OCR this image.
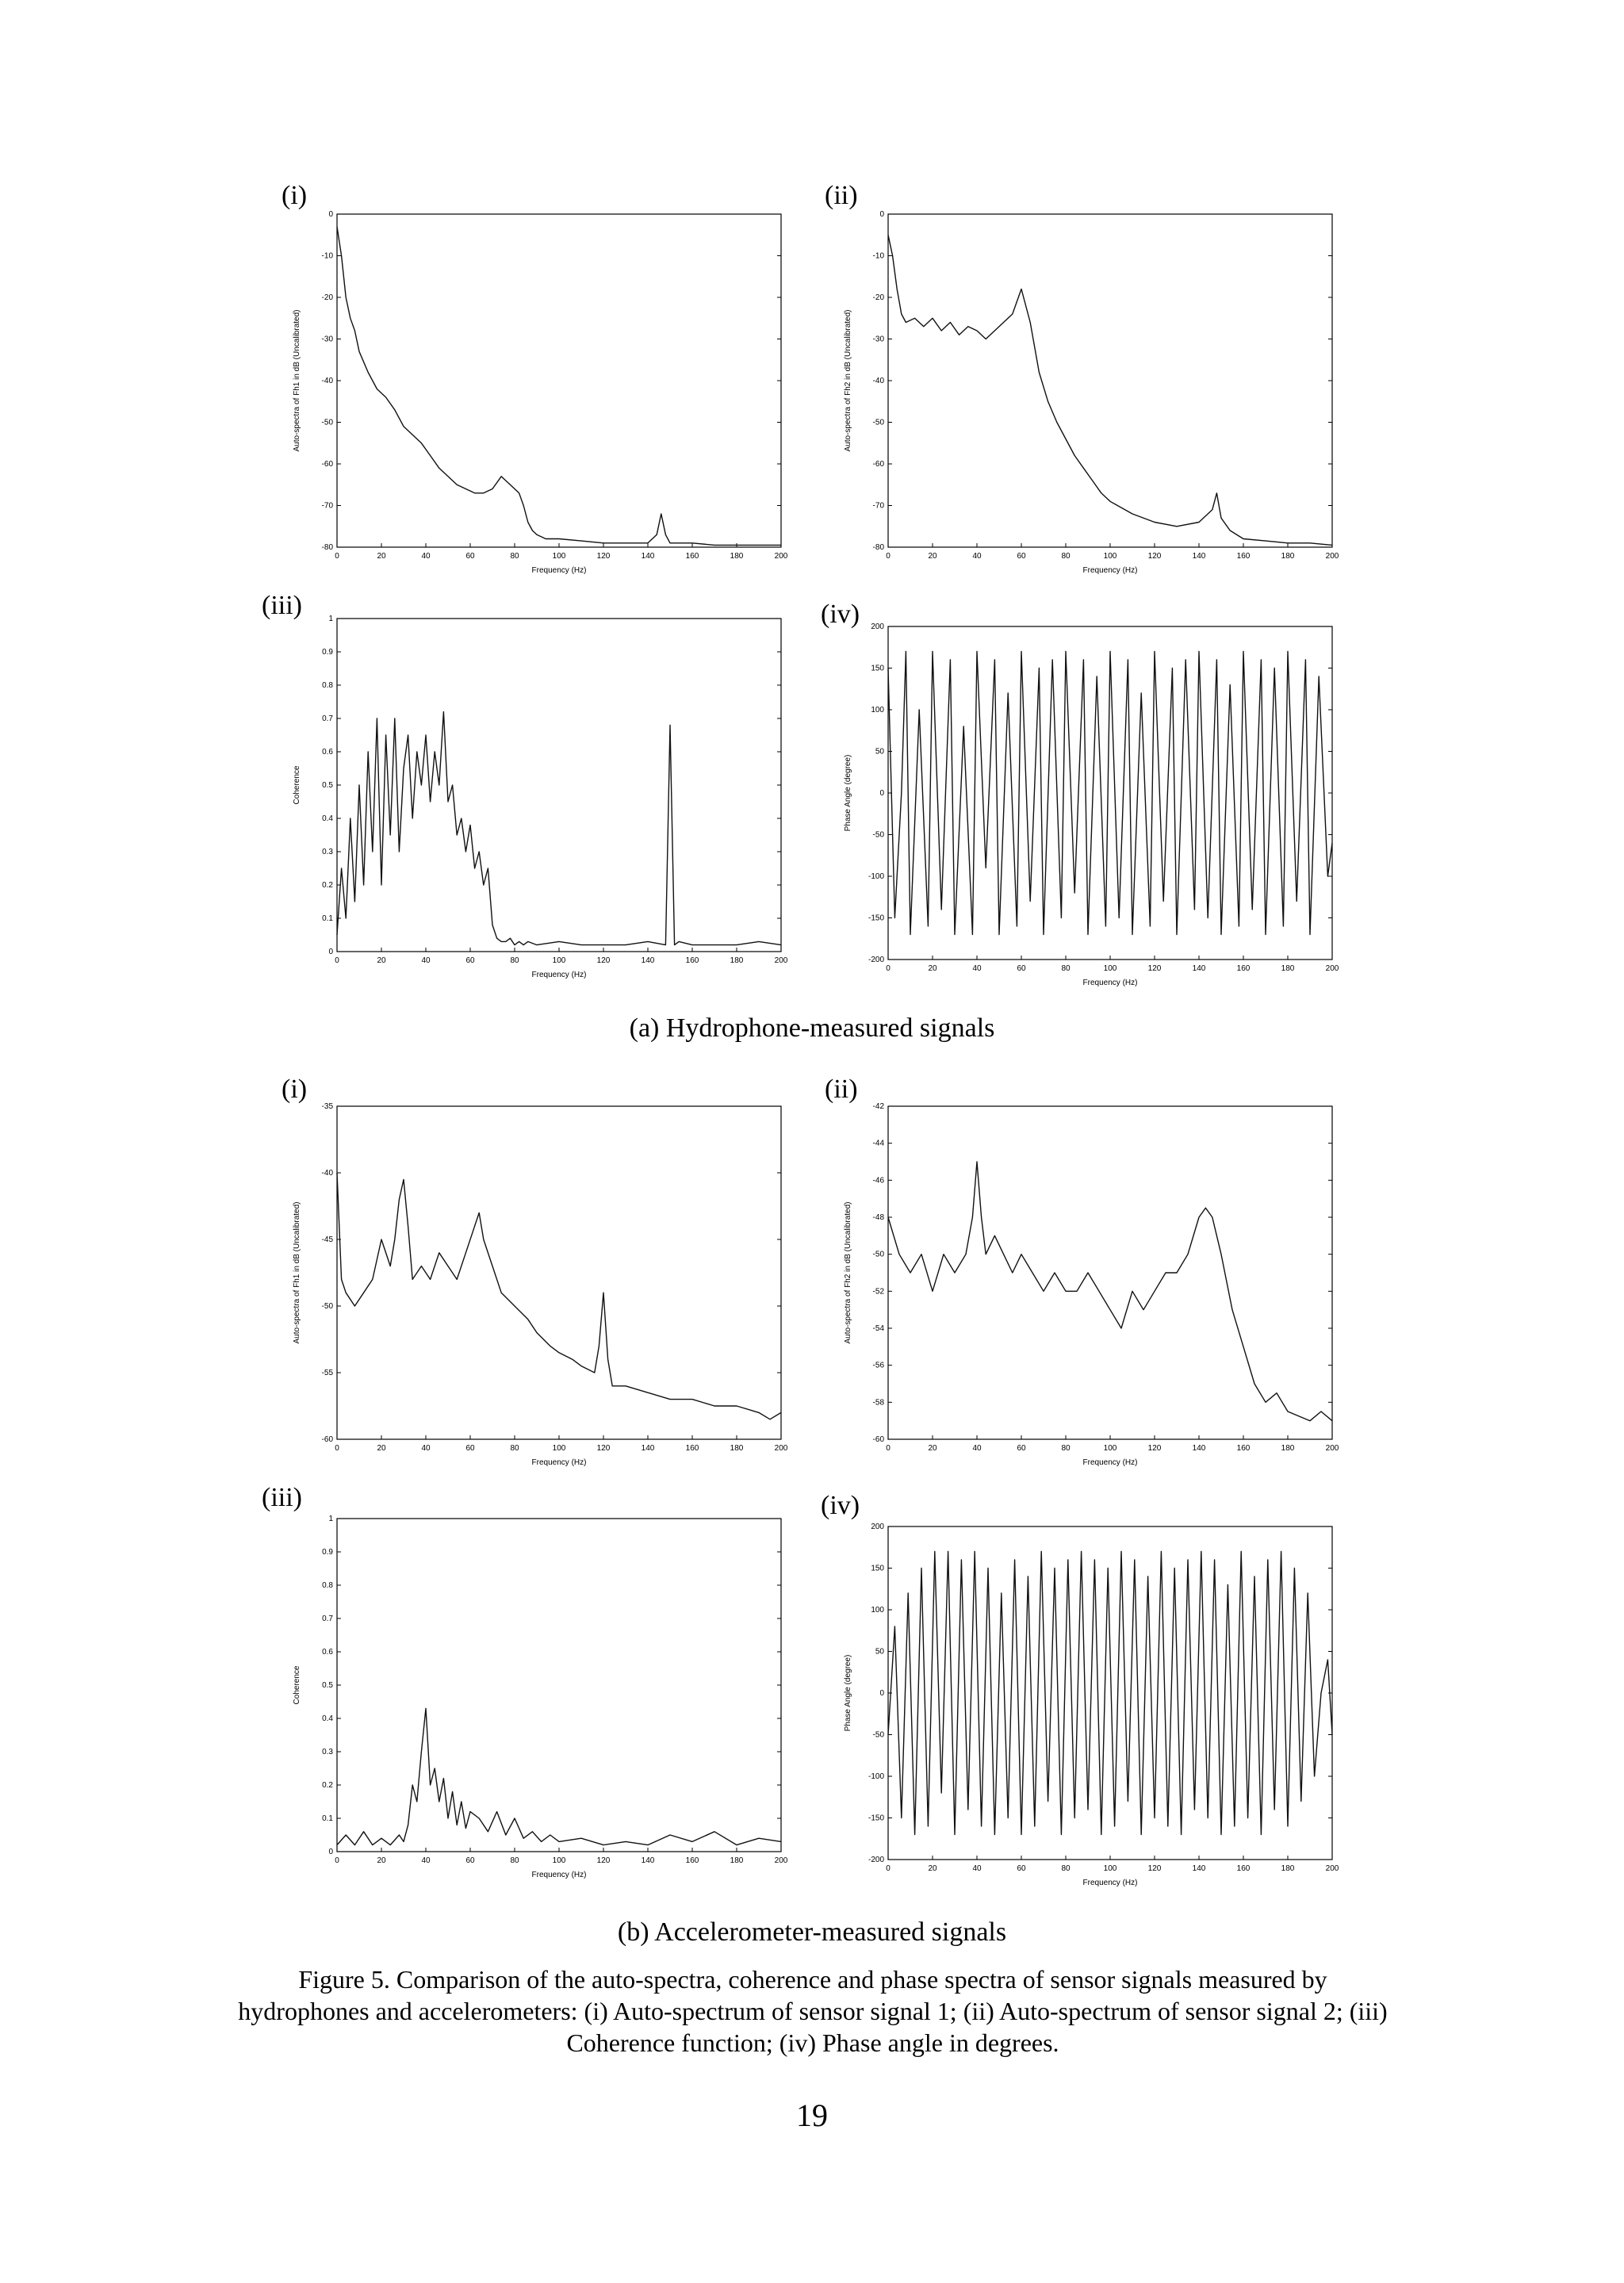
(i)	(ii)
(iii)	(iv)
0	20	40	60	80	100	120	140	160	180	200
-80
-70
-60
-50
-40
-30
-20
-10
0
Frequency (Hz)
Auto-spectra of Fh1 in dB (Uncalibrated)
0	20	40	60	80	100	120	140	160	180	200
-80
-70
-60
-50
-40
-30
-20
-10
0
Frequency (Hz)
Auto-spectra of Fh2 in dB (Uncalibrated)
0	20	40	60	80	100	120	140	160	180	200
0
0.1
0.2
0.3
0.4
0.5
0.6
0.7
0.8
0.9
1
Frequency (Hz)
Coherence
0	20	40	60	80	100	120	140	160	180	200
-200
-150
-100
-50
0
50
100
150
200
Frequency (Hz)
Phase Angle (degree)
(a) Hydrophone-measured signals
(i)	(ii)
(iii)	(iv)
0	20	40	60	80	100	120	140	160	180	200
-60
-55
-50
-45
-40
-35
Frequency (Hz)
Auto-spectra of Fh1 in dB (Uncalibrated)
0	20	40	60	80	100	120	140	160	180	200
-60
-58
-56
-54
-52
-50
-48
-46
-44
-42
Frequency (Hz)
Auto-spectra of Fh2 in dB (Uncalibrated)
0	20	40	60	80	100	120	140	160	180	200
0
0.1
0.2
0.3
0.4
0.5
0.6
0.7
0.8
0.9
1
Frequency (Hz)
Coherence
0	20	40	60	80	100	120	140	160	180	200
-200
-150
-100
-50
0
50
100
150
200
Frequency (Hz)
Phase Angle (degree)
(b) Accelerometer-measured signals
Figure 5. Comparison of the auto-spectra, coherence and phase spectra of sensor signals measured by hydrophones and accelerometers: (i) Auto-spectrum of sensor signal 1; (ii) Auto-spectrum of sensor signal 2; (iii) Coherence function; (iv) Phase angle in degrees.
19
